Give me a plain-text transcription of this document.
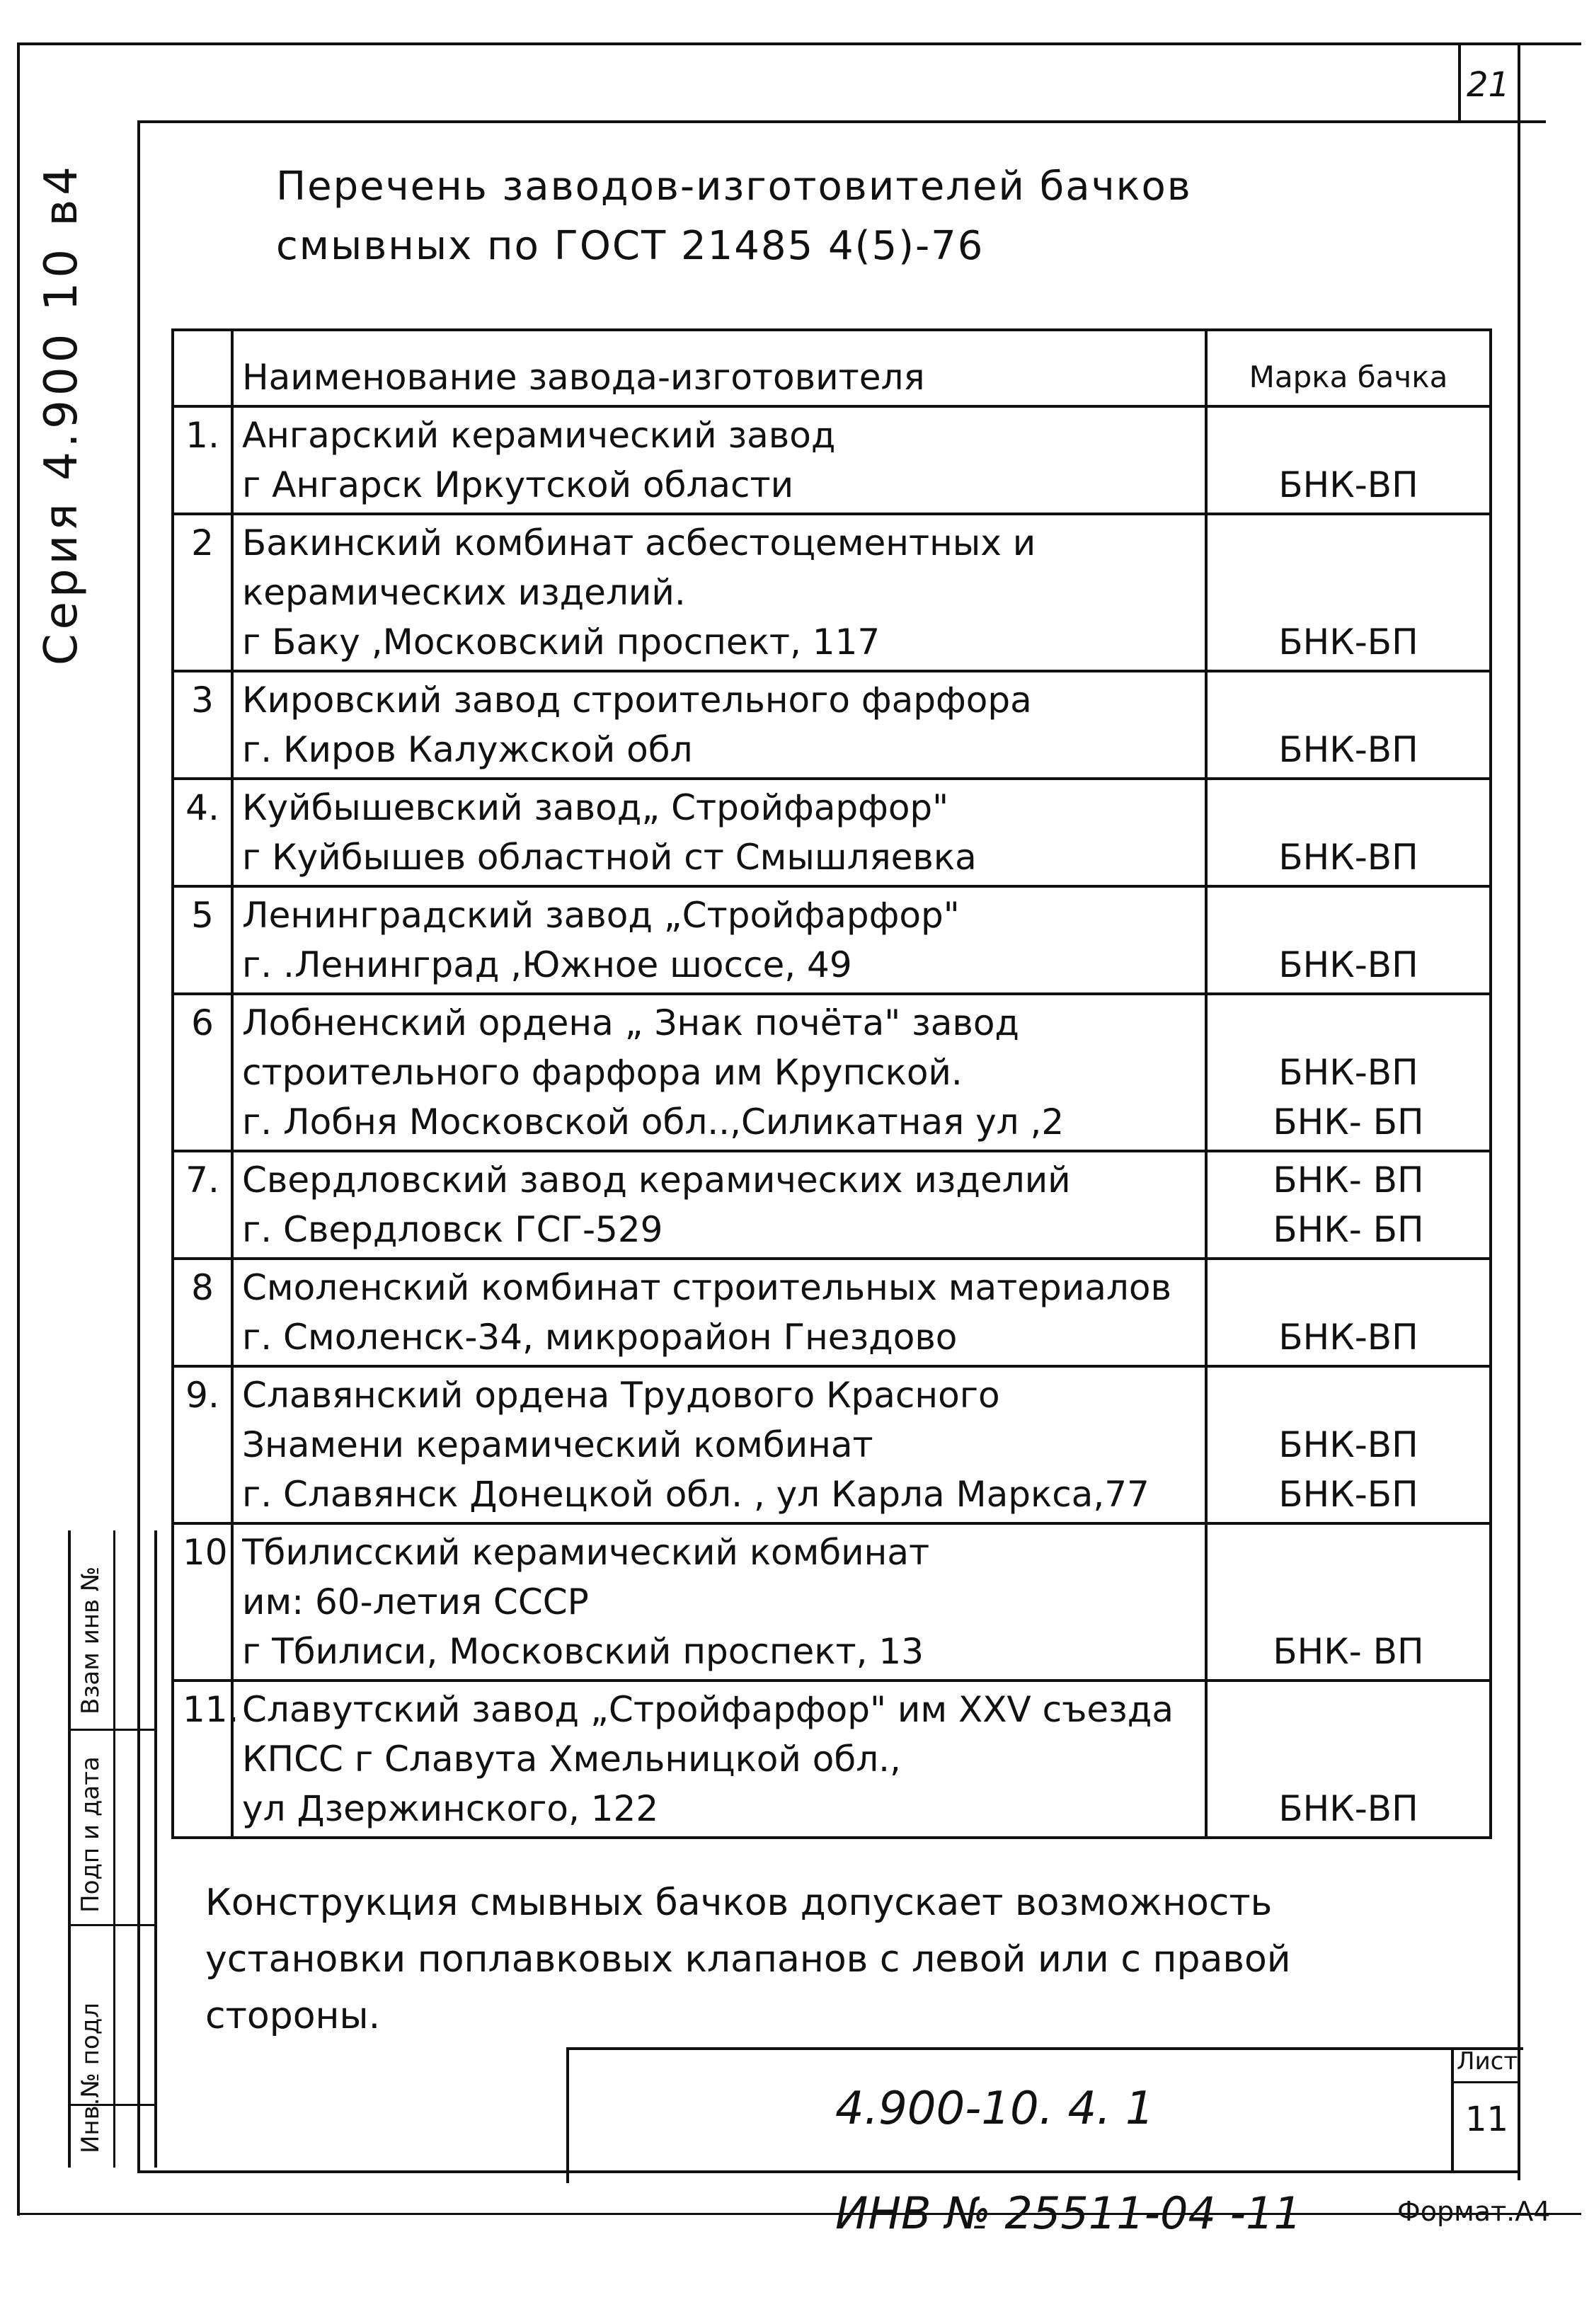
21
Серия 4.900 10 в4	Перечень заводов-изготовителей бачков
смывных по ГОСТ 21485 4(5)-76
	Наименование завода-изготовителя	Марка бачка
1.	Ангарский керамический завод
г Ангарск Иркутской области	БНК-ВП

2	Бакинский комбинат асбестоцементных и
керамических изделий.
г Баку ,Московский проспект, 117	БНК-БП

3	Кировский завод строительного фарфора
г. Киров Калужской обл	БНК-ВП

4.	Куйбышевский завод„ Стройфарфор"
г Куйбышев областной ст Смышляевка	БНК-ВП

5	Ленинградский завод „Стройфарфор"
г. .Ленинград ,Южное шоссе, 49	БНК-ВП

6	Лобненский ордена „ Знак почёта" завод
строительного фарфора им Крупской.
г. Лобня Московской обл..,Силикатная ул ,2	БНК-ВП
БНК- БП

7.	Свердловский завод керамических изделий
г. Свердловск ГСГ-529	БНК- ВП
БНК- БП

8	Смоленский комбинат строительных материалов
г. Смоленск-34, микрорайон Гнездово	БНК-ВП

9.	Славянский ордена Трудового Красного
Знамени керамический комбинат
г. Славянск Донецкой обл. , ул Карла Маркса,77	БНК-ВП
БНК-БП

10	Тбилисский керамический комбинат
им: 60-летия СССР
г Тбилиси, Московский проспект, 13	БНК- ВП

11.	Славутский завод „Стройфарфор" им XXV съезда
КПСС г Славута Хмельницкой обл.,
ул Дзержинского, 122	БНК-ВП
Конструкция смывных бачков допускает возможность
установки поплавковых клапанов с левой или с правой
стороны.
4.900-10. 4. 1
Лист
11
Взам инв №
Подп и дата
Инв.№ подл
ИНВ № 25511-04 -11	Формат.А4
